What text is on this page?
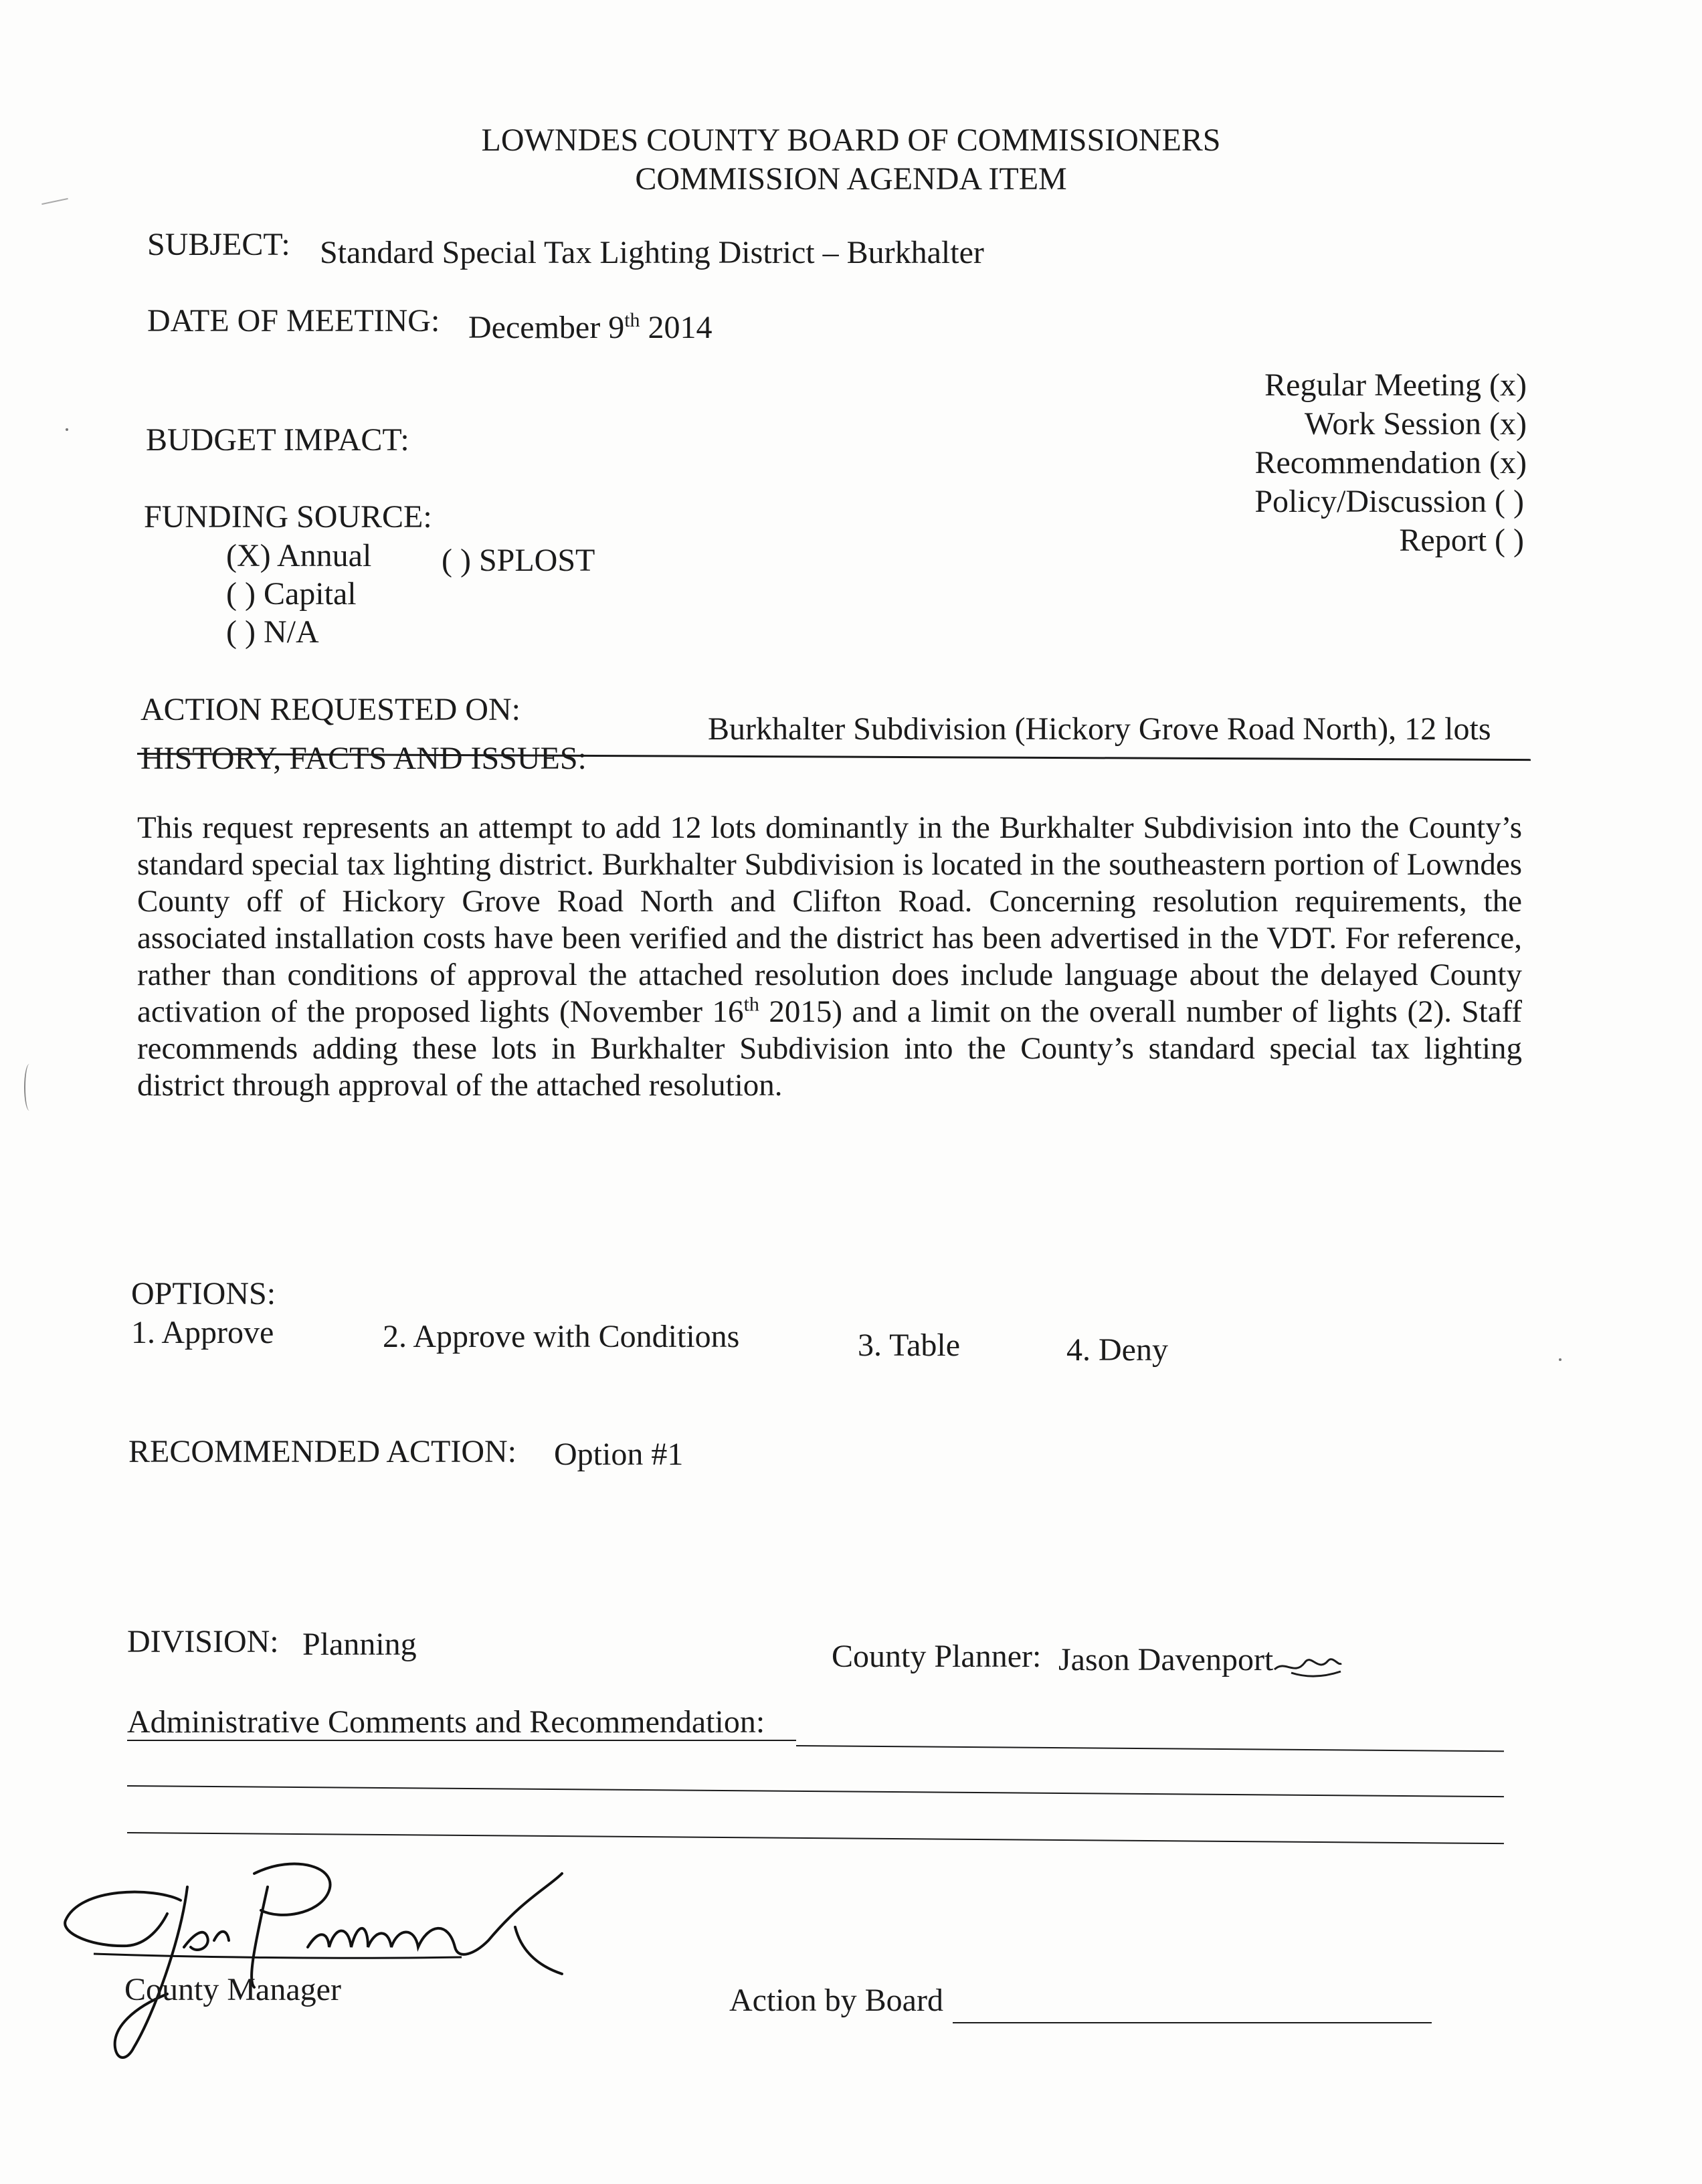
LOWNDES COUNTY BOARD OF COMMISSIONERS
COMMISSION AGENDA ITEM
SUBJECT: Standard Special Tax Lighting District – Burkhalter
DATE OF MEETING: December 9th 2014
Regular Meeting (x)
Work Session (x)
Recommendation (x)
Policy/Discussion ( )
Report ( )
BUDGET IMPACT:
FUNDING SOURCE:
(X) Annual ( ) SPLOST
( ) Capital
( ) N/A
ACTION REQUESTED ON:
Burkhalter Subdivision (Hickory Grove Road North), 12 lots
HISTORY, FACTS AND ISSUES:
This request represents an attempt to add 12 lots dominantly in the Burkhalter Subdivision into the County’s standard special tax lighting district. Burkhalter Subdivision is located in the southeastern portion of Lowndes County off of Hickory Grove Road North and Clifton Road. Concerning resolution requirements, the associated installation costs have been verified and the district has been advertised in the VDT. For reference, rather than conditions of approval the attached resolution does include language about the delayed County activation of the proposed lights (November 16th 2015) and a limit on the overall number of lights (2). Staff recommends adding these lots in Burkhalter Subdivision into the County’s standard special tax lighting district through approval of the attached resolution.
OPTIONS:
1. Approve	2. Approve with Conditions	3. Table	4. Deny
RECOMMENDED ACTION: Option #1
DIVISION: Planning	County Planner: Jason Davenport
Administrative Comments and Recommendation:
County Manager	Action by Board
